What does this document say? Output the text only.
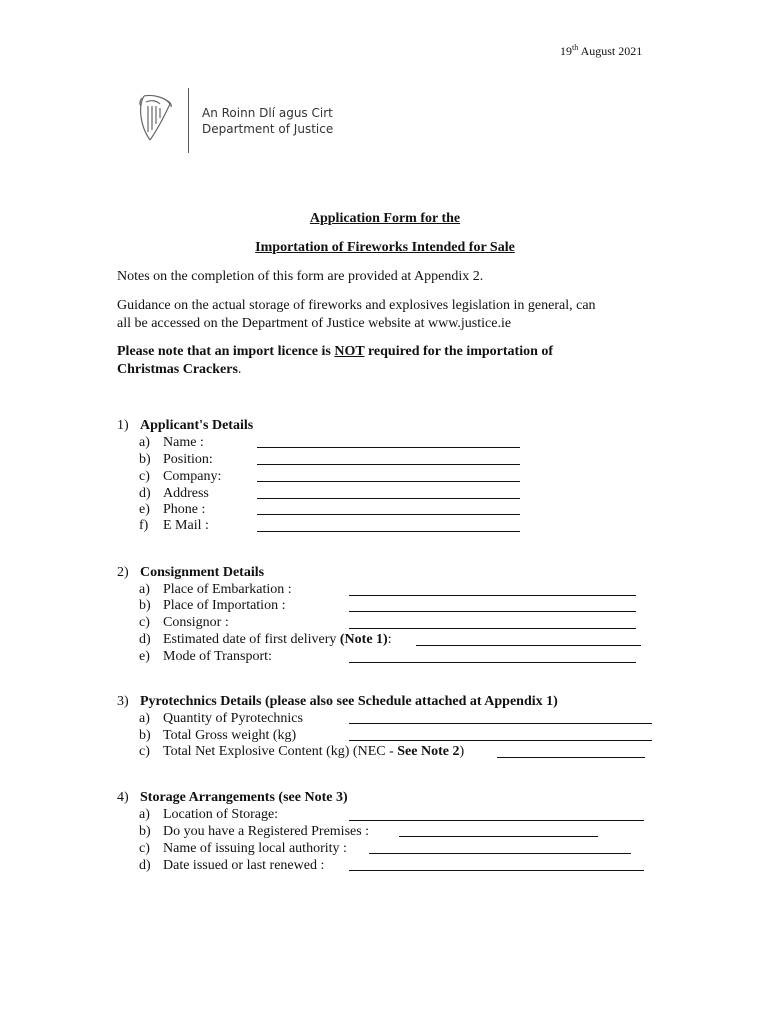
19th August 2021
An Roinn Dlí agus Cirt
Department of Justice
Application Form for the
Importation of Fireworks Intended for Sale
Notes on the completion of this form are provided at Appendix 2.
Guidance on the actual storage of fireworks and explosives legislation in general, can
all be accessed on the Department of Justice website at www.justice.ie
Please note that an import licence is NOT required for the importation of
Christmas Crackers.
1) Applicant's Details
a) Name :
b) Position:
c) Company:
d) Address
e) Phone :
f) E Mail :
2) Consignment Details
a) Place of Embarkation :
b) Place of Importation :
c) Consignor :
d) Estimated date of first delivery (Note 1):
e) Mode of Transport:
3) Pyrotechnics Details (please also see Schedule attached at Appendix 1)
a) Quantity of Pyrotechnics
b) Total Gross weight (kg)
c) Total Net Explosive Content (kg) (NEC - See Note 2)
4) Storage Arrangements (see Note 3)
a) Location of Storage:
b) Do you have a Registered Premises :
c) Name of issuing local authority :
d) Date issued or last renewed :
